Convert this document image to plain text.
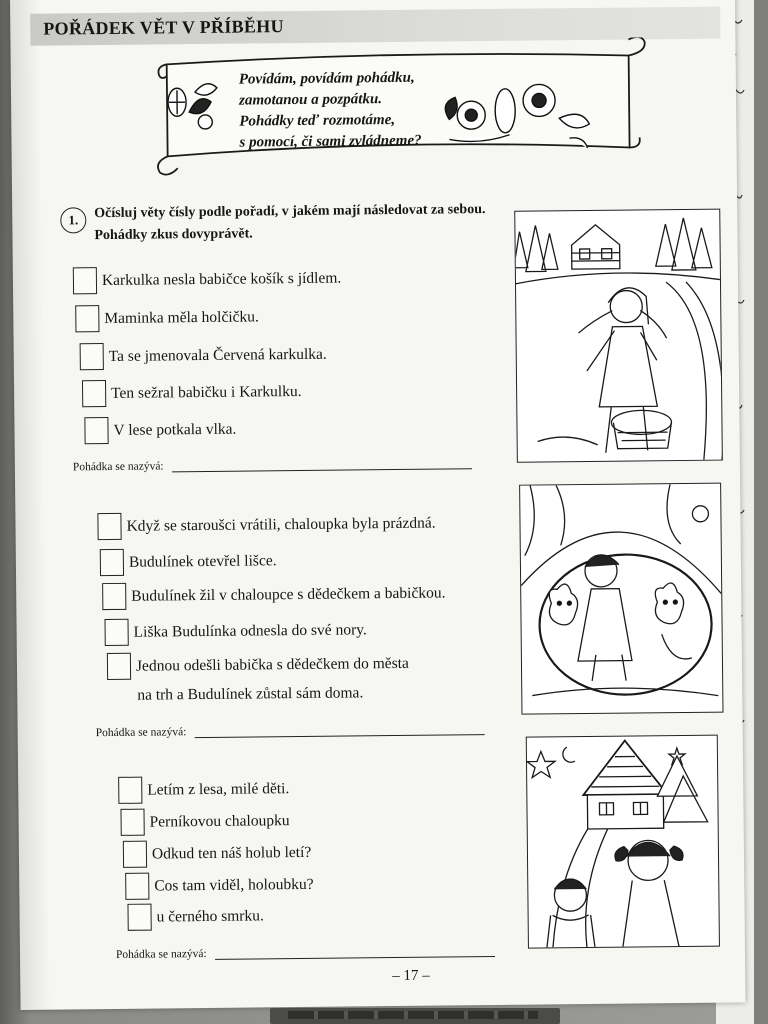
POŘÁDEK VĚT V PŘÍBĚHU
Povídám, povídám pohádku,
zamotanou a pozpátku.
Pohádky teď rozmotáme,
s pomocí, či sami zvládneme?
1.	Očísluj věty čísly podle pořadí, v jakém mají následovat za sebou.
Pohádky zkus dovyprávět.
Karkulka nesla babičce košík s jídlem.
Maminka měla holčičku.
Ta se jmenovala Červená karkulka.
Ten sežral babičku i Karkulku.
V lese potkala vlka.
Pohádka se nazývá:
Když se staroušci vrátili, chaloupka byla prázdná.
Budulínek otevřel lišce.
Budulínek žil v chaloupce s dědečkem a babičkou.
Liška Budulínka odnesla do své nory.
Jednou odešli babička s dědečkem do města
na trh a Budulínek zůstal sám doma.
Pohádka se nazývá:
Letím z lesa, milé děti.
Perníkovou chaloupku
Odkud ten náš holub letí?
Cos tam viděl, holoubku?
u černého smrku.
Pohádka se nazývá:
– 17 –
